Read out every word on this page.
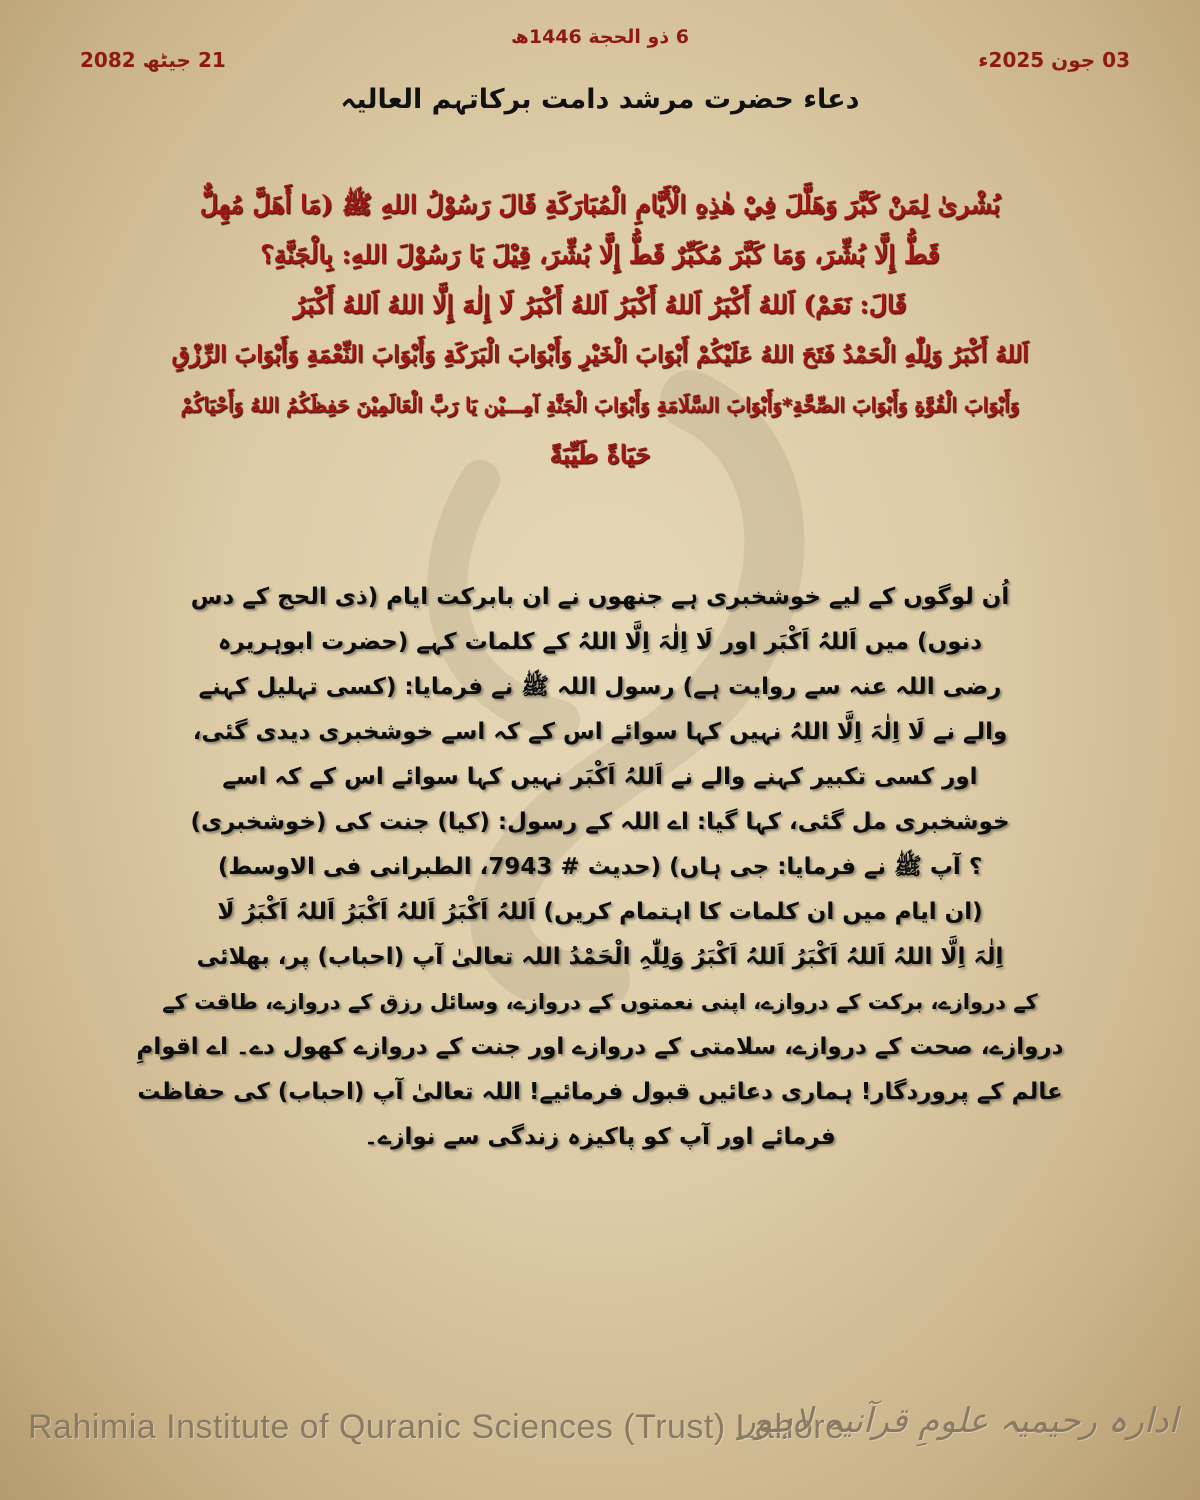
21 جیٹھ 2082
6 ذو الحجة 1446ھ
03 جون 2025ء
دعاء حضرت مرشد دامت برکاتہم العالیہ
بُشْرىٰ لِمَنْ كَبَّرَ وَهَلَّلَ فِيْ هٰذِهِ الْأَيَّامِ الْمُبَارَكَةِ قَالَ رَسُوْلُ اللهِ ﷺ (مَا أَهَلَّ مُهِلٌّ
قَطُّ إِلَّا بُشِّرَ، وَمَا كَبَّرَ مُكَبِّرٌ قَطُّ إِلَّا بُشِّرَ، قِيْلَ يَا رَسُوْلَ اللهِ: بِالْجَنَّةِ؟
قَالَ: نَعَمْ) اَللهُ أَكْبَرُ اَللهُ أَكْبَرُ اَللهُ أَكْبَرُ لَا إِلٰهَ إِلَّا اللهُ اَللهُ أَكْبَرُ
اَللهُ أَكْبَرُ وَلِلّٰهِ الْحَمْدُ فَتَحَ اللهُ عَلَيْكُمْ أَبْوَابَ الْخَيْرِ وَأَبْوَابَ الْبَرَكَةِ وَأَبْوَابَ النِّعْمَةِ وَأَبْوَابَ الرِّزْقِ
وَأَبْوَابَ الْقُوَّةِ وَأَبْوَابَ الصِّحَّةِ*وَأَبْوَابَ السَّلَامَةِ وَأَبْوَابَ الْجَنَّةِ آمِـــيْن يَا رَبَّ الْعَالَمِيْنَ حَفِظَكُمُ اللهُ وَأَحْيَاكُمْ
حَيَاةً طَيِّبَةً
اُن لوگوں کے لیے خوشخبری ہے جنھوں نے ان بابرکت ایام (ذی الحج کے دس
دنوں) میں اَللہُ اَکْبَر اور لَا اِلٰہَ اِلَّا اللہُ کے کلمات کہے (حضرت ابوہریرہ
رضی اللہ عنہ سے روایت ہے) رسول اللہ ﷺ نے فرمایا: (کسی تہلیل کہنے
والے نے لَا اِلٰہَ اِلَّا اللہُ نہیں کہا سوائے اس کے کہ اسے خوشخبری دیدی گئی،
اور کسی تکبیر کہنے والے نے اَللہُ اَکْبَر نہیں کہا سوائے اس کے کہ اسے
خوشخبری مل گئی، کہا گیا: اے اللہ کے رسول: (کیا) جنت کی (خوشخبری)
؟ آپ ﷺ نے فرمایا: جی ہاں) (حدیث # 7943، الطبرانی فی الاوسط)
(ان ایام میں ان کلمات کا اہتمام کریں) اَللہُ اَکْبَرُ اَللہُ اَکْبَرُ اَللہُ اَکْبَرُ لَا
اِلٰہَ اِلَّا اللہُ اَللہُ اَکْبَرُ اَللہُ اَکْبَرُ وَلِلّٰہِ الْحَمْدُ اللہ تعالیٰ آپ (احباب) پر، بھلائی
کے دروازے، برکت کے دروازے، اپنی نعمتوں کے دروازے، وسائل رزق کے دروازے، طاقت کے
دروازے، صحت کے دروازے، سلامتی کے دروازے اور جنت کے دروازے کھول دے۔ اے اقوامِ
عالم کے پروردگار! ہماری دعائیں قبول فرمائیے! اللہ تعالیٰ آپ (احباب) کی حفاظت
فرمائے اور آپ کو پاکیزہ زندگی سے نوازے۔
Rahimia Institute of Quranic Sciences (Trust) Lahore
ادارہ رحیمیہ علومِ قرآنیہ لاہور
